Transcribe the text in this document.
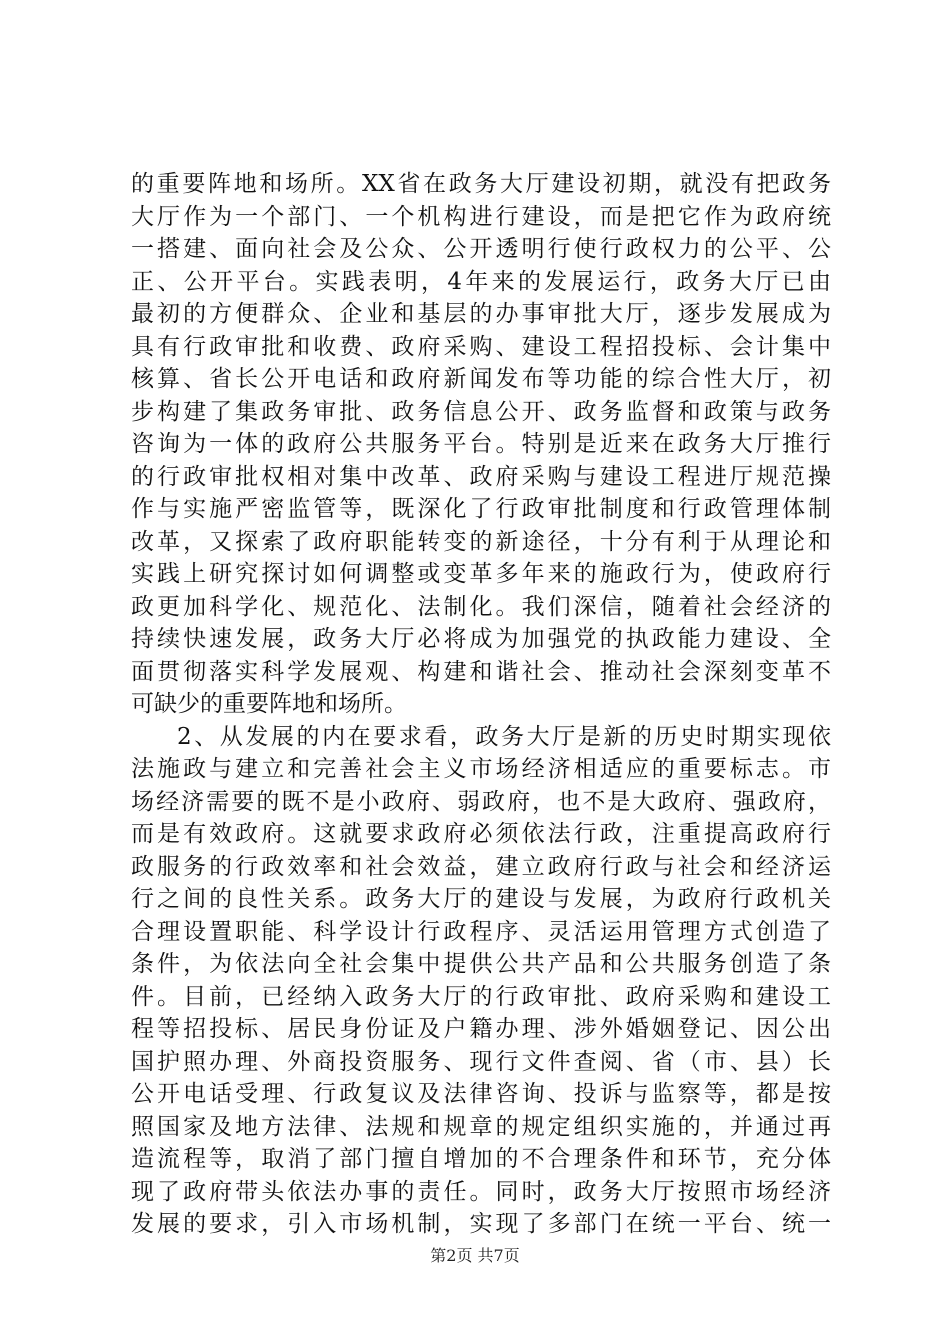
的重要阵地和场所。XX省在政务大厅建设初期，就没有把政务
大厅作为一个部门、一个机构进行建设，而是把它作为政府统
一搭建、面向社会及公众、公开透明行使行政权力的公平、公
正、公开平台。实践表明，4年来的发展运行，政务大厅已由
最初的方便群众、企业和基层的办事审批大厅，逐步发展成为
具有行政审批和收费、政府采购、建设工程招投标、会计集中
核算、省长公开电话和政府新闻发布等功能的综合性大厅，初
步构建了集政务审批、政务信息公开、政务监督和政策与政务
咨询为一体的政府公共服务平台。特别是近来在政务大厅推行
的行政审批权相对集中改革、政府采购与建设工程进厅规范操
作与实施严密监管等，既深化了行政审批制度和行政管理体制
改革，又探索了政府职能转变的新途径，十分有利于从理论和
实践上研究探讨如何调整或变革多年来的施政行为，使政府行
政更加科学化、规范化、法制化。我们深信，随着社会经济的
持续快速发展，政务大厅必将成为加强党的执政能力建设、全
面贯彻落实科学发展观、构建和谐社会、推动社会深刻变革不
可缺少的重要阵地和场所。
2、从发展的内在要求看，政务大厅是新的历史时期实现依
法施政与建立和完善社会主义市场经济相适应的重要标志。市
场经济需要的既不是小政府、弱政府，也不是大政府、强政府，
而是有效政府。这就要求政府必须依法行政，注重提高政府行
政服务的行政效率和社会效益，建立政府行政与社会和经济运
行之间的良性关系。政务大厅的建设与发展，为政府行政机关
合理设置职能、科学设计行政程序、灵活运用管理方式创造了
条件，为依法向全社会集中提供公共产品和公共服务创造了条
件。目前，已经纳入政务大厅的行政审批、政府采购和建设工
程等招投标、居民身份证及户籍办理、涉外婚姻登记、因公出
国护照办理、外商投资服务、现行文件查阅、省（市、县）长
公开电话受理、行政复议及法律咨询、投诉与监察等，都是按
照国家及地方法律、法规和规章的规定组织实施的，并通过再
造流程等，取消了部门擅自增加的不合理条件和环节，充分体
现了政府带头依法办事的责任。同时，政务大厅按照市场经济
发展的要求，引入市场机制，实现了多部门在统一平台、统一
第2页 共7页
